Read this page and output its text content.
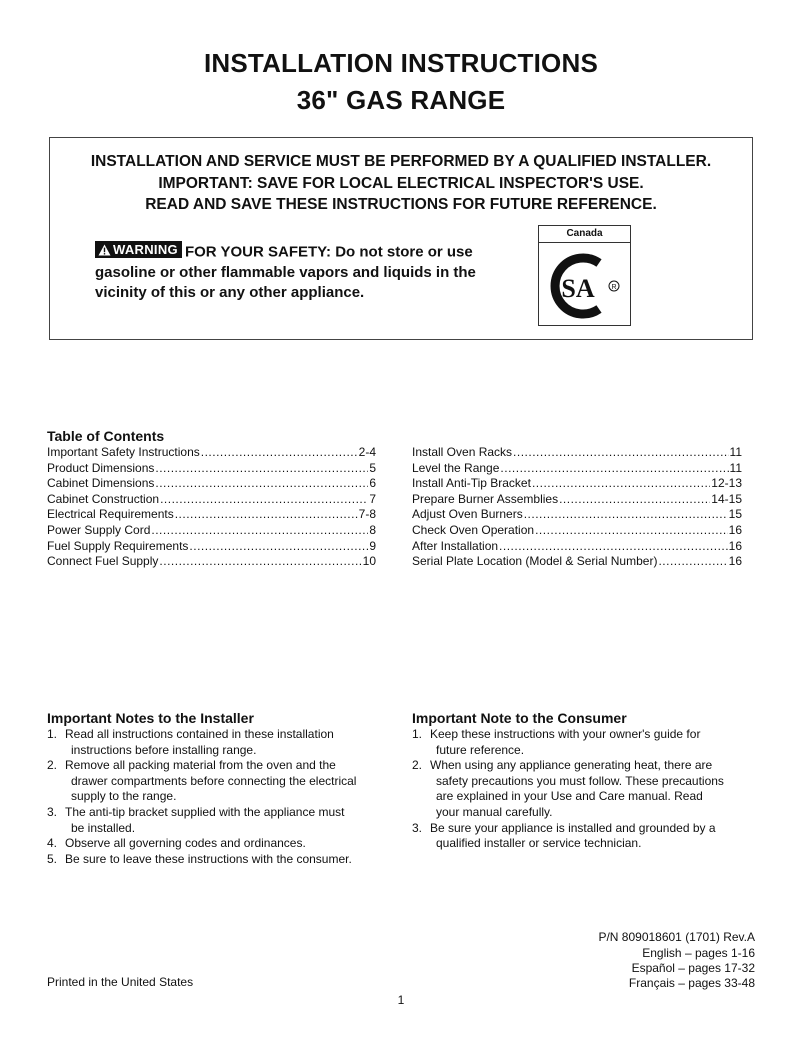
INSTALLATION INSTRUCTIONS
36" GAS RANGE
INSTALLATION AND SERVICE MUST BE PERFORMED BY A QUALIFIED INSTALLER.
IMPORTANT: SAVE FOR LOCAL ELECTRICAL INSPECTOR'S USE.
READ AND SAVE THESE INSTRUCTIONS FOR FUTURE REFERENCE.
WARNING FOR YOUR SAFETY: Do not store or use gasoline or other flammable vapors and liquids in the vicinity of this or any other appliance.
Canada
SA R
Table of Contents
Important Safety Instructions .....	2-4
Product Dimensions .....	5
Cabinet Dimensions .....	6
Cabinet Construction .....	7
Electrical Requirements .....	7-8
Power Supply Cord .....	8
Fuel Supply Requirements .....	9
Connect Fuel Supply .....	10
Install Oven Racks .....	11
Level the Range .....	11
Install Anti-Tip Bracket .....	12-13
Prepare Burner Assemblies .....	14-15
Adjust Oven Burners .....	15
Check Oven Operation .....	16
After Installation .....	16
Serial Plate Location (Model & Serial Number) .....	16
Important Notes to the Installer
1. Read all instructions contained in these installation
instructions before installing range.
2. Remove all packing material from the oven and the
drawer compartments before connecting the electrical
supply to the range.
3. The anti-tip bracket supplied with the appliance must
be installed.
4. Observe all governing codes and ordinances.
5. Be sure to leave these instructions with the consumer.
Important Note to the Consumer
1. Keep these instructions with your owner's guide for
future reference.
2. When using any appliance generating heat, there are
safety precautions you must follow. These precautions
are explained in your Use and Care manual. Read
your manual carefully.
3. Be sure your appliance is installed and grounded by a
qualified installer or service technician.
P/N 809018601 (1701) Rev.A
English – pages 1-16
Español – pages 17-32
Français – pages 33-48
Printed in the United States
1
